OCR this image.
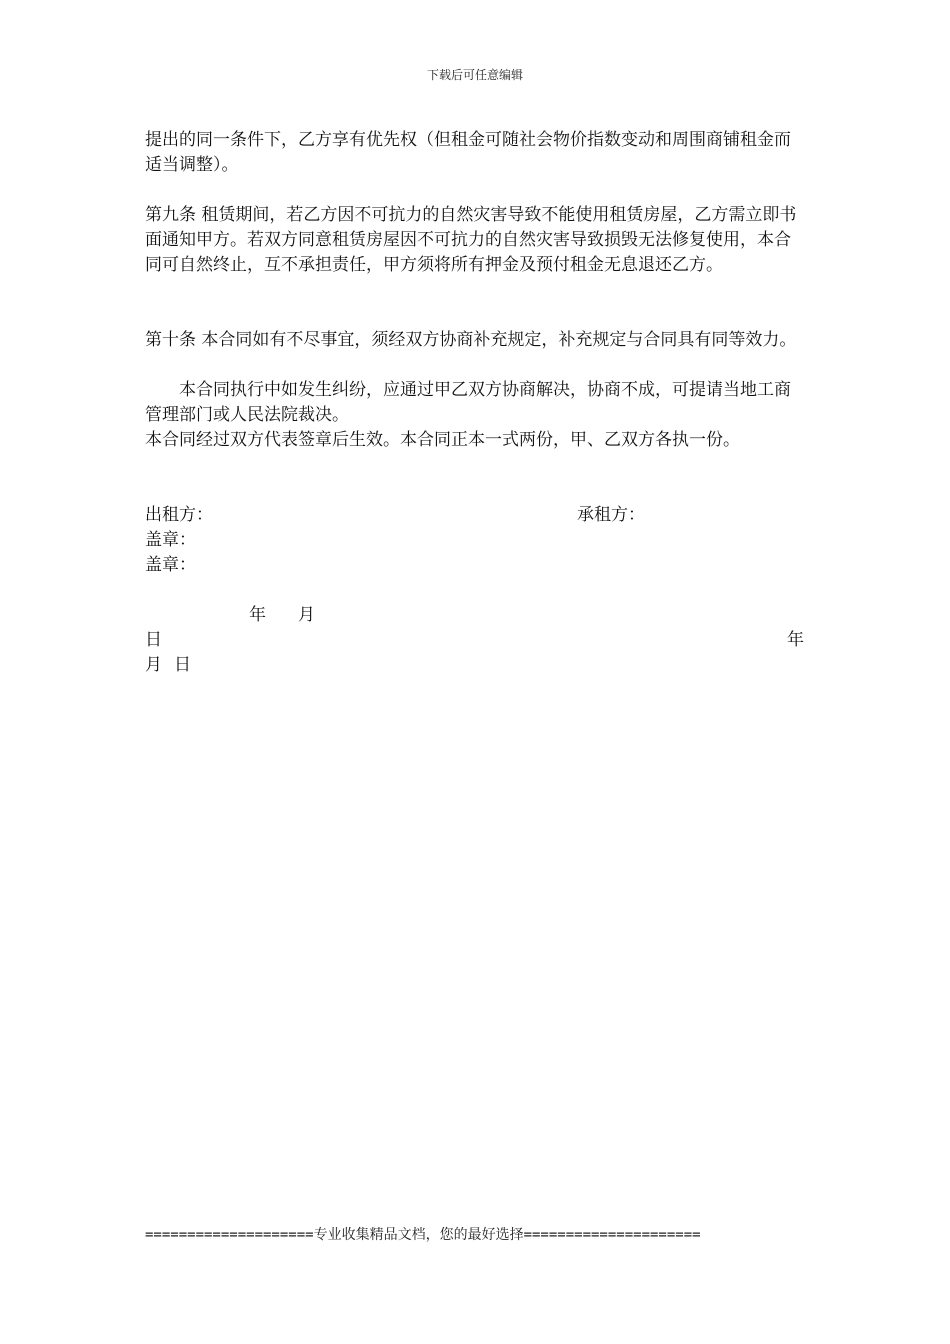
下载后可任意编辑

提出的同一条件下，乙方享有优先权（但租金可随社会物价指数变动和周围商铺租金而适当调整）。

第九条 租赁期间，若乙方因不可抗力的自然灾害导致不能使用租赁房屋，乙方需立即书面通知甲方。若双方同意租赁房屋因不可抗力的自然灾害导致损毁无法修复使用，本合同可自然终止，互不承担责任，甲方须将所有押金及预付租金无息退还乙方。

第十条 本合同如有不尽事宜，须经双方协商补充规定，补充规定与合同具有同等效力。

本合同执行中如发生纠纷，应通过甲乙双方协商解决，协商不成，可提请当地工商管理部门或人民法院裁决。

本合同经过双方代表签章后生效。本合同正本一式两份，甲、乙双方各执一份。

出租方：	承租方：
盖章：
盖章：
年 月
日	年
月 日
====================专业收集精品文档，您的最好选择=====================
